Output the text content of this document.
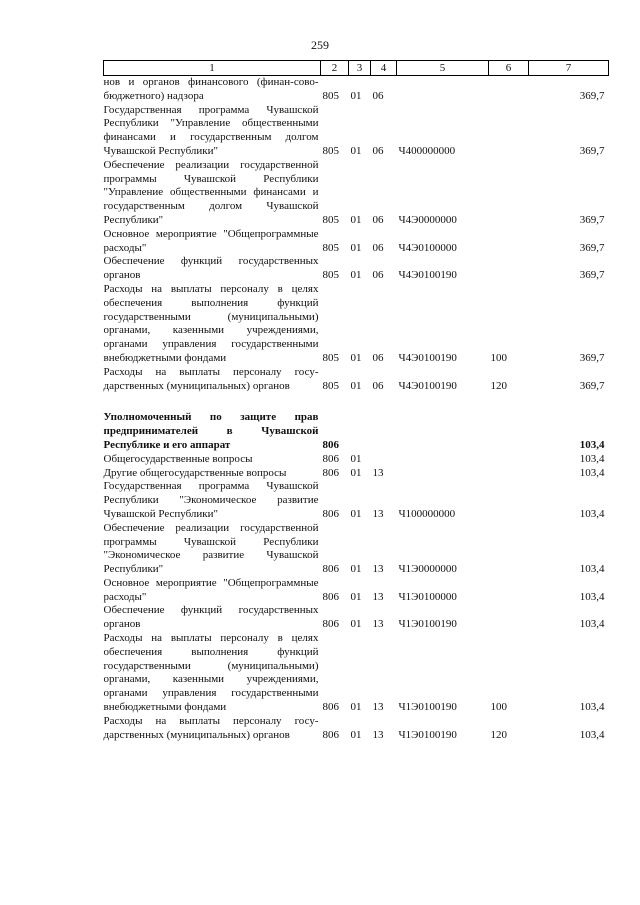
259
1	2	3	4	5	6	7
нов и органов финансового (финан-сово-бюджетного) надзора	805	01	06			369,7
Государственная программа Чувашской Республики "Управление общественными финансами и государственным долгом Чувашской Республики"	805	01	06	Ч400000000		369,7
Обеспечение реализации государственной программы Чувашской Республики "Управление общественными финансами и государственным долгом Чувашской Республики"	805	01	06	Ч4Э0000000		369,7
Основное мероприятие "Общепрограммные расходы"	805	01	06	Ч4Э0100000		369,7
Обеспечение функций государственных органов	805	01	06	Ч4Э0100190		369,7
Расходы на выплаты персоналу в целях обеспечения выполнения функций государственными (муниципальными) органами, казенными учреждениями, органами управления государственными внебюджетными фондами	805	01	06	Ч4Э0100190	100	369,7
Расходы на выплаты персоналу государственных (муниципальных) органов	805	01	06	Ч4Э0100190	120	369,7

Уполномоченный по защите прав предпринимателей в Чувашской Республике и его аппарат	806					103,4
Общегосударственные вопросы	806	01				103,4
Другие общегосударственные вопросы	806	01	13			103,4
Государственная программа Чувашской Республики "Экономическое развитие Чувашской Республики"	806	01	13	Ч100000000		103,4
Обеспечение реализации государственной программы Чувашской Республики "Экономическое развитие Чувашской Республики"	806	01	13	Ч1Э0000000		103,4
Основное мероприятие "Общепрограммные расходы"	806	01	13	Ч1Э0100000		103,4
Обеспечение функций государственных органов	806	01	13	Ч1Э0100190		103,4
Расходы на выплаты персоналу в целях обеспечения выполнения функций государственными (муниципальными) органами, казенными учреждениями, органами управления государственными внебюджетными фондами	806	01	13	Ч1Э0100190	100	103,4
Расходы на выплаты персоналу государственных (муниципальных) органов	806	01	13	Ч1Э0100190	120	103,4
